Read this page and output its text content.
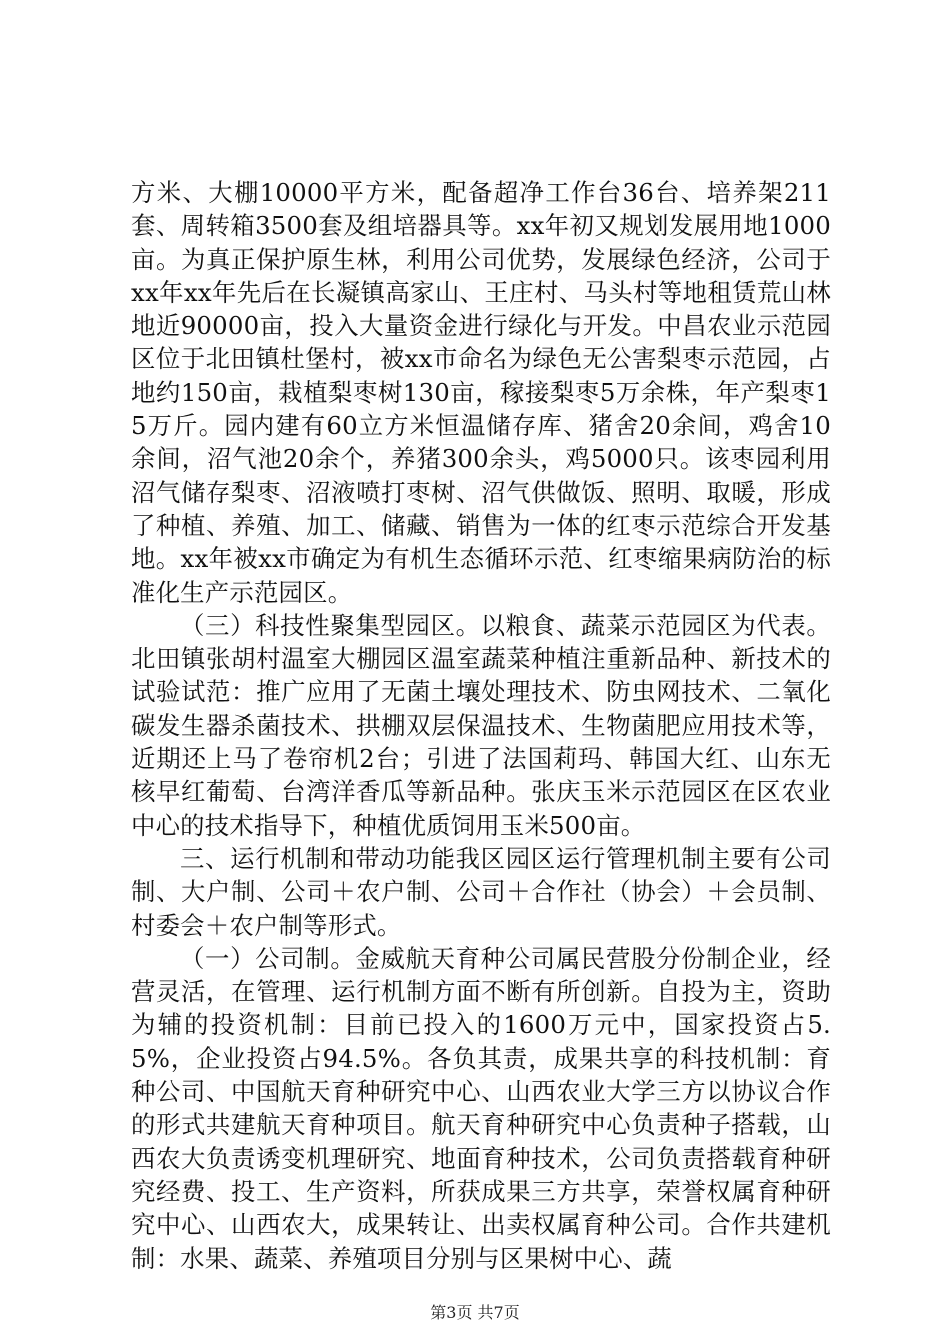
方米、大棚10000平方米，配备超净工作台36台、培养架211套、周转箱3500套及组培器具等。xx年初又规划发展用地1000亩。为真正保护原生林，利用公司优势，发展绿色经济，公司于xx年xx年先后在长凝镇高家山、王庄村、马头村等地租赁荒山林地近90000亩，投入大量资金进行绿化与开发。中昌农业示范园区位于北田镇杜堡村，被xx市命名为绿色无公害梨枣示范园，占地约150亩，栽植梨枣树130亩，稼接梨枣5万余株，年产梨枣15万斤。园内建有60立方米恒温储存库、猪舍20余间，鸡舍10余间，沼气池20余个，养猪300余头，鸡5000只。该枣园利用沼气储存梨枣、沼液喷打枣树、沼气供做饭、照明、取暖，形成了种植、养殖、加工、储藏、销售为一体的红枣示范综合开发基地。xx年被xx市确定为有机生态循环示范、红枣缩果病防治的标准化生产示范园区。

（三）科技性聚集型园区。以粮食、蔬菜示范园区为代表。北田镇张胡村温室大棚园区温室蔬菜种植注重新品种、新技术的试验试范：推广应用了无菌土壤处理技术、防虫网技术、二氧化碳发生器杀菌技术、拱棚双层保温技术、生物菌肥应用技术等，近期还上马了卷帘机2台；引进了法国莉玛、韩国大红、山东无核早红葡萄、台湾洋香瓜等新品种。张庆玉米示范园区在区农业中心的技术指导下，种植优质饲用玉米500亩。

三、运行机制和带动功能我区园区运行管理机制主要有公司制、大户制、公司＋农户制、公司＋合作社（协会）＋会员制、村委会＋农户制等形式。

（一）公司制。金威航天育种公司属民营股分份制企业，经营灵活，在管理、运行机制方面不断有所创新。自投为主，资助为辅的投资机制：目前已投入的1600万元中，国家投资占5.5%，企业投资占94.5%。各负其责，成果共享的科技机制：育种公司、中国航天育种研究中心、山西农业大学三方以协议合作的形式共建航天育种项目。航天育种研究中心负责种子搭载，山西农大负责诱变机理研究、地面育种技术，公司负责搭载育种研究经费、投工、生产资料，所获成果三方共享，荣誉权属育种研究中心、山西农大，成果转让、出卖权属育种公司。合作共建机制：水果、蔬菜、养殖项目分别与区果树中心、蔬

第3页 共7页
